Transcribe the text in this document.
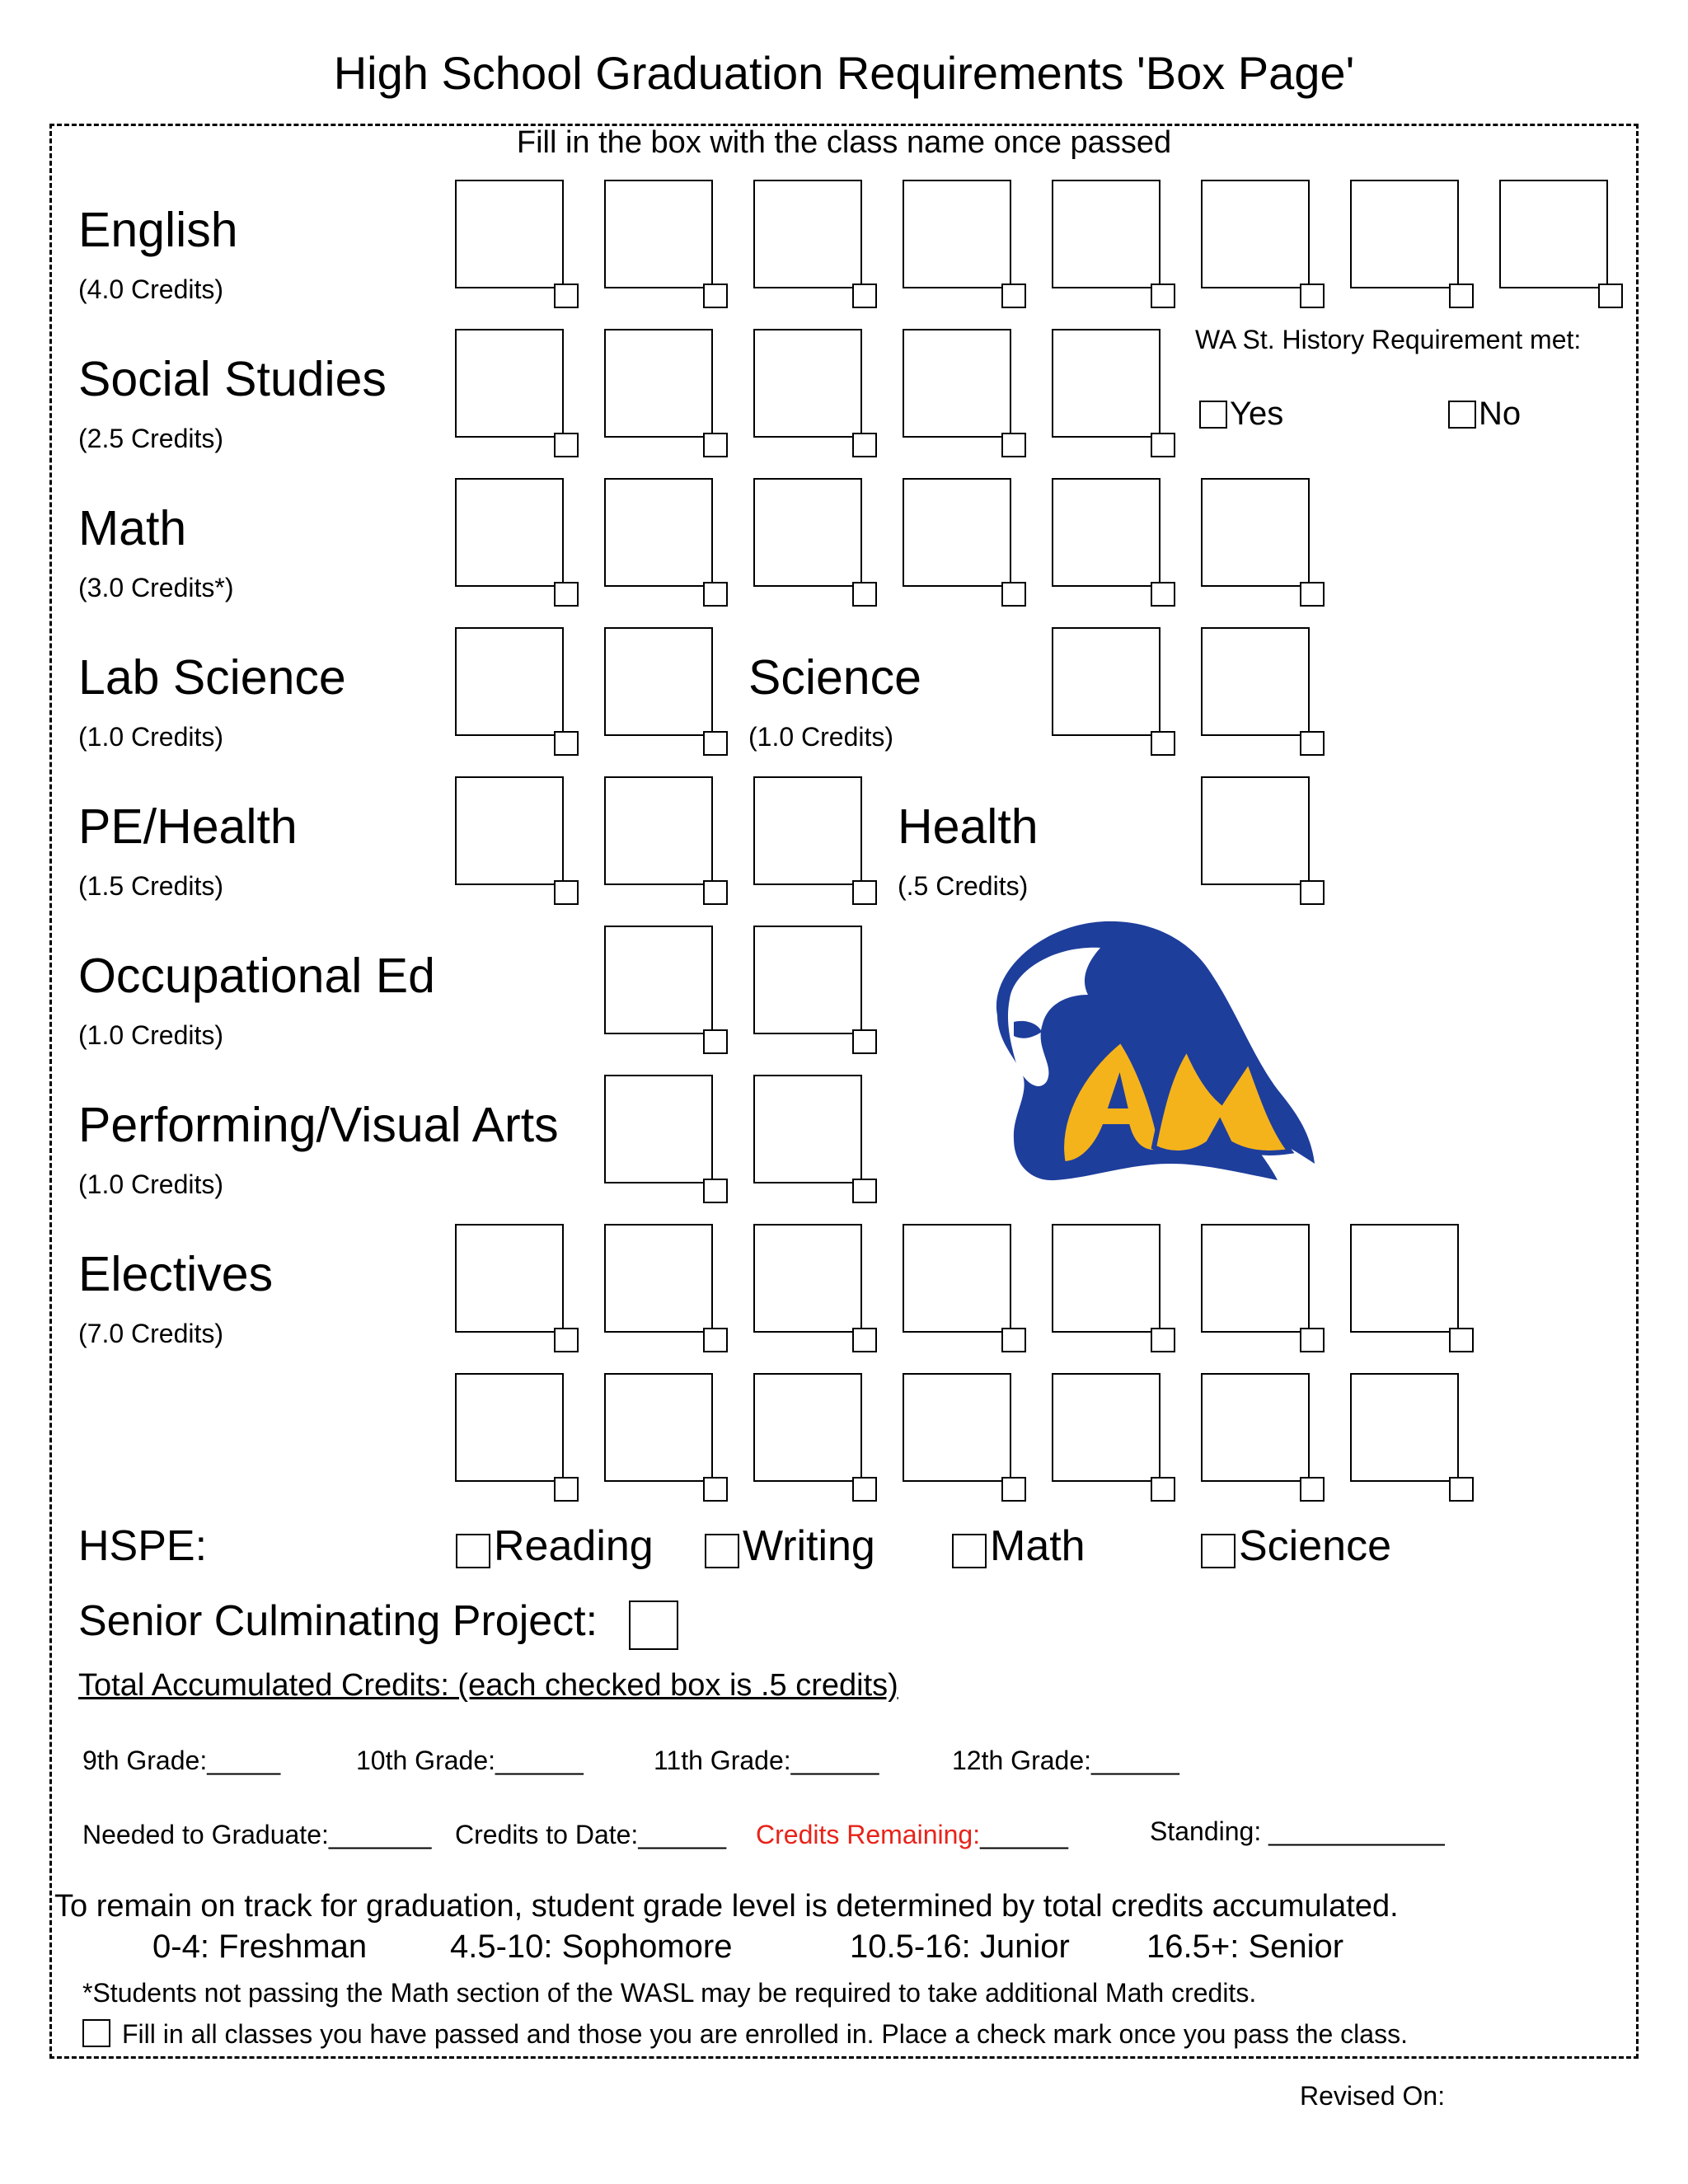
High School Graduation Requirements 'Box Page'
Fill in the box with the class name once passed
English
(4.0 Credits)
Social Studies
(2.5 Credits)
Math
(3.0 Credits*)
Lab Science
(1.0 Credits)
Science
(1.0 Credits)
PE/Health
(1.5 Credits)
Health
(.5 Credits)
Occupational Ed
(1.0 Credits)
Performing/Visual Arts
(1.0 Credits)
Electives
(7.0 Credits)
WA St. History Requirement met:
Yes	No
HSPE:	Reading Writing	Math	Science
Senior Culminating Project:
Total Accumulated Credits: (each checked box is .5 credits)
9th Grade:_____	10th Grade:______	11th Grade:______	12th Grade:______
Needed to Graduate:_______ Credits to Date:______ Credits Remaining:______	Standing: ____________
To remain on track for graduation, student grade level is determined by total credits accumulated.
0-4: Freshman	4.5-10: Sophomore	10.5-16: Junior 16.5+: Senior
*Students not passing the Math section of the WASL may be required to take additional Math credits.
Fill in all classes you have passed and those you are enrolled in. Place a check mark once you pass the class.
Revised On:
